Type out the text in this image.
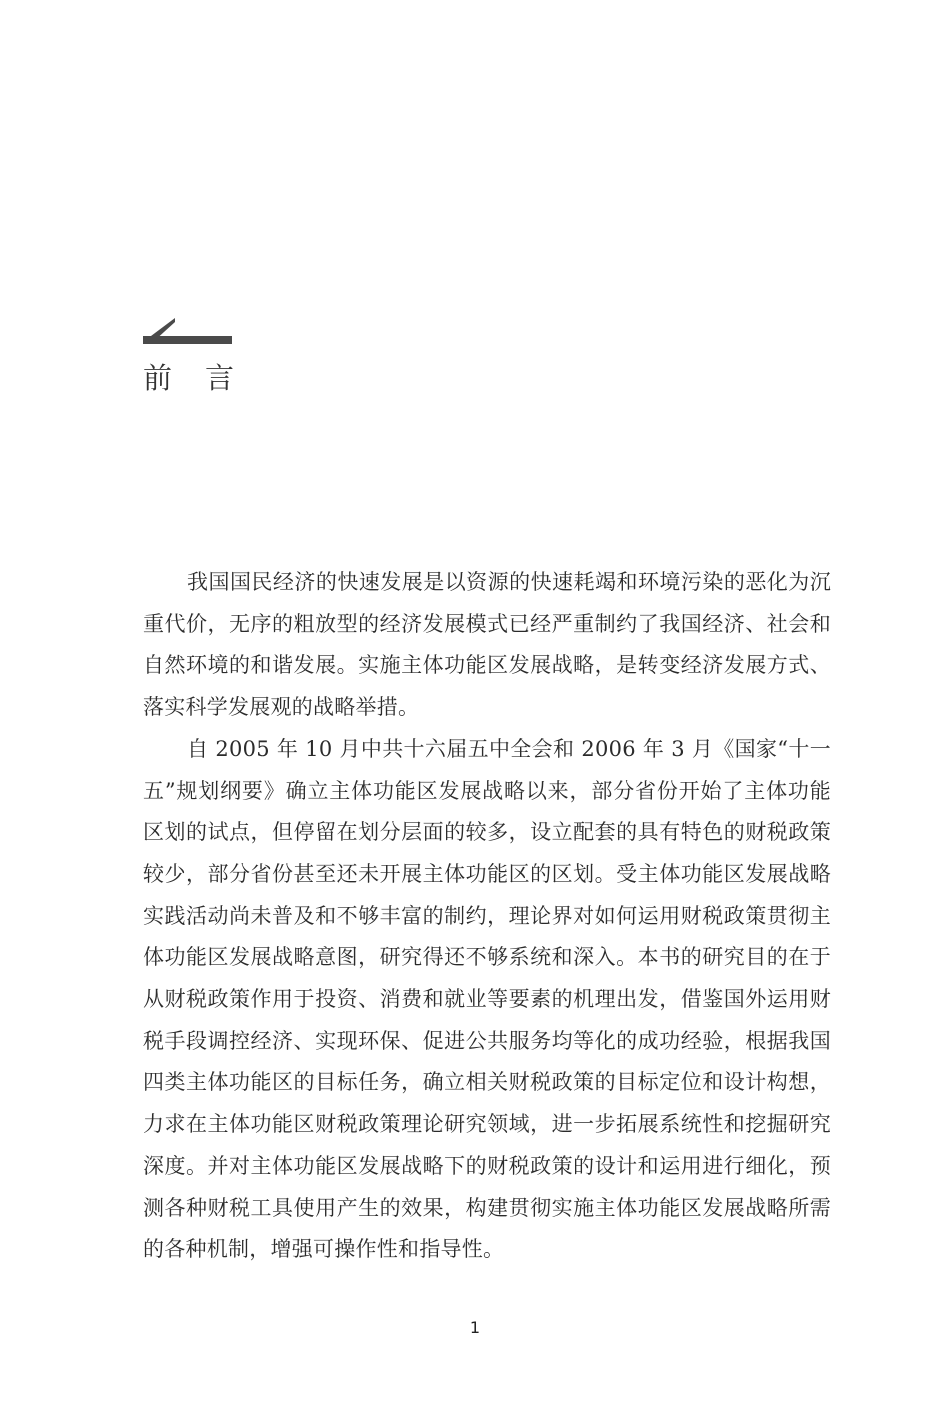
前言

我国国民经济的快速发展是以资源的快速耗竭和环境污染的恶化为沉重代价，无序的粗放型的经济发展模式已经严重制约了我国经济、社会和自然环境的和谐发展。实施主体功能区发展战略，是转变经济发展方式、落实科学发展观的战略举措。

自 2005 年 10 月中共十六届五中全会和 2006 年 3 月《国家“十一五”规划纲要》确立主体功能区发展战略以来，部分省份开始了主体功能区划的试点，但停留在划分层面的较多，设立配套的具有特色的财税政策较少，部分省份甚至还未开展主体功能区的区划。受主体功能区发展战略实践活动尚未普及和不够丰富的制约，理论界对如何运用财税政策贯彻主体功能区发展战略意图，研究得还不够系统和深入。本书的研究目的在于从财税政策作用于投资、消费和就业等要素的机理出发，借鉴国外运用财税手段调控经济、实现环保、促进公共服务均等化的成功经验，根据我国四类主体功能区的目标任务，确立相关财税政策的目标定位和设计构想，力求在主体功能区财税政策理论研究领域，进一步拓展系统性和挖掘研究深度。并对主体功能区发展战略下的财税政策的设计和运用进行细化，预测各种财税工具使用产生的效果，构建贯彻实施主体功能区发展战略所需的各种机制，增强可操作性和指导性。

1
